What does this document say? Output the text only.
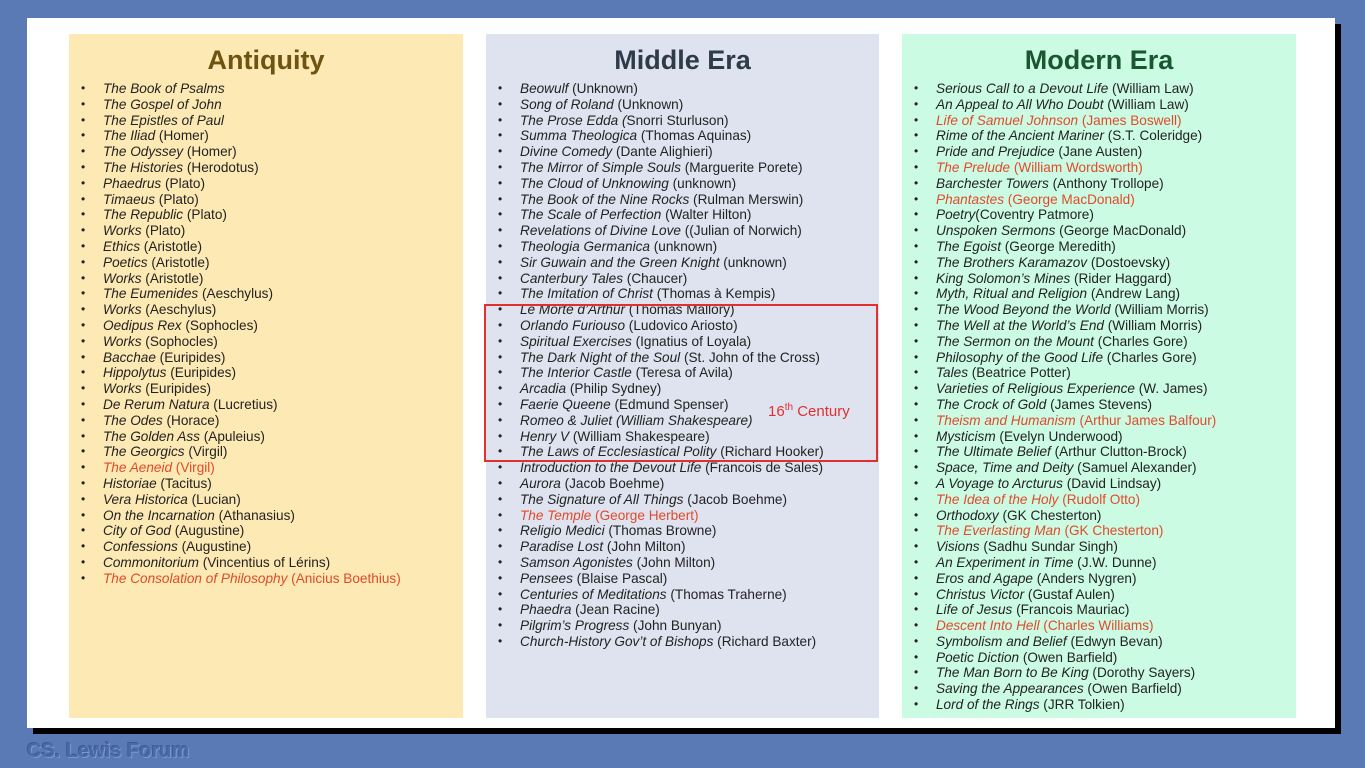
Antiquity
• The Book of Psalms
• The Gospel of John
• The Epistles of Paul
• The Iliad (Homer)
• The Odyssey (Homer)
• The Histories (Herodotus)
• Phaedrus (Plato)
• Timaeus (Plato)
• The Republic (Plato)
• Works (Plato)
• Ethics (Aristotle)
• Poetics (Aristotle)
• Works (Aristotle)
• The Eumenides (Aeschylus)
• Works (Aeschylus)
• Oedipus Rex (Sophocles)
• Works (Sophocles)
• Bacchae (Euripides)
• Hippolytus (Euripides)
• Works (Euripides)
• De Rerum Natura (Lucretius)
• The Odes (Horace)
• The Golden Ass (Apuleius)
• The Georgics (Virgil)
• The Aeneid (Virgil)
• Historiae (Tacitus)
• Vera Historica (Lucian)
• On the Incarnation (Athanasius)
• City of God (Augustine)
• Confessions (Augustine)
• Commonitorium (Vincentius of Lérins)
• The Consolation of Philosophy (Anicius Boethius)
Middle Era
• Beowulf (Unknown)
• Song of Roland (Unknown)
• The Prose Edda (Snorri Sturluson)
• Summa Theologica (Thomas Aquinas)
• Divine Comedy (Dante Alighieri)
• The Mirror of Simple Souls (Marguerite Porete)
• The Cloud of Unknowing (unknown)
• The Book of the Nine Rocks (Rulman Merswin)
• The Scale of Perfection (Walter Hilton)
• Revelations of Divine Love ((Julian of Norwich)
• Theologia Germanica (unknown)
• Sir Guwain and the Green Knight (unknown)
• Canterbury Tales (Chaucer)
• The Imitation of Christ (Thomas à Kempis)
• Le Morte d’Arthur (Thomas Mallory)
• Orlando Furiouso (Ludovico Ariosto)
• Spiritual Exercises (Ignatius of Loyala)
• The Dark Night of the Soul (St. John of the Cross)
• The Interior Castle (Teresa of Avila)
• Arcadia (Philip Sydney)
• Faerie Queene (Edmund Spenser)
• Romeo & Juliet (William Shakespeare)
• Henry V (William Shakespeare)
• The Laws of Ecclesiastical Polity (Richard Hooker)
• Introduction to the Devout Life (Francois de Sales)
• Aurora (Jacob Boehme)
• The Signature of All Things (Jacob Boehme)
• The Temple (George Herbert)
• Religio Medici (Thomas Browne)
• Paradise Lost (John Milton)
• Samson Agonistes (John Milton)
• Pensees (Blaise Pascal)
• Centuries of Meditations (Thomas Traherne)
• Phaedra (Jean Racine)
• Pilgrim’s Progress (John Bunyan)
• Church-History Gov’t of Bishops (Richard Baxter)
Modern Era
• Serious Call to a Devout Life (William Law)
• An Appeal to All Who Doubt (William Law)
• Life of Samuel Johnson (James Boswell)
• Rime of the Ancient Mariner (S.T. Coleridge)
• Pride and Prejudice (Jane Austen)
• The Prelude (William Wordsworth)
• Barchester Towers (Anthony Trollope)
• Phantastes (George MacDonald)
• Poetry(Coventry Patmore)
• Unspoken Sermons (George MacDonald)
• The Egoist (George Meredith)
• The Brothers Karamazov (Dostoevsky)
• King Solomon’s Mines (Rider Haggard)
• Myth, Ritual and Religion (Andrew Lang)
• The Wood Beyond the World (William Morris)
• The Well at the World’s End (William Morris)
• The Sermon on the Mount (Charles Gore)
• Philosophy of the Good Life (Charles Gore)
• Tales (Beatrice Potter)
• Varieties of Religious Experience (W. James)
• The Crock of Gold (James Stevens)
• Theism and Humanism (Arthur James Balfour)
• Mysticism (Evelyn Underwood)
• The Ultimate Belief (Arthur Clutton-Brock)
• Space, Time and Deity (Samuel Alexander)
• A Voyage to Arcturus (David Lindsay)
• The Idea of the Holy (Rudolf Otto)
• Orthodoxy (GK Chesterton)
• The Everlasting Man (GK Chesterton)
• Visions (Sadhu Sundar Singh)
• An Experiment in Time (J.W. Dunne)
• Eros and Agape (Anders Nygren)
• Christus Victor (Gustaf Aulen)
• Life of Jesus (Francois Mauriac)
• Descent Into Hell (Charles Williams)
• Symbolism and Belief (Edwyn Bevan)
• Poetic Diction (Owen Barfield)
• The Man Born to Be King (Dorothy Sayers)
• Saving the Appearances (Owen Barfield)
• Lord of the Rings (JRR Tolkien)
16th Century
CS. Lewis Forum
